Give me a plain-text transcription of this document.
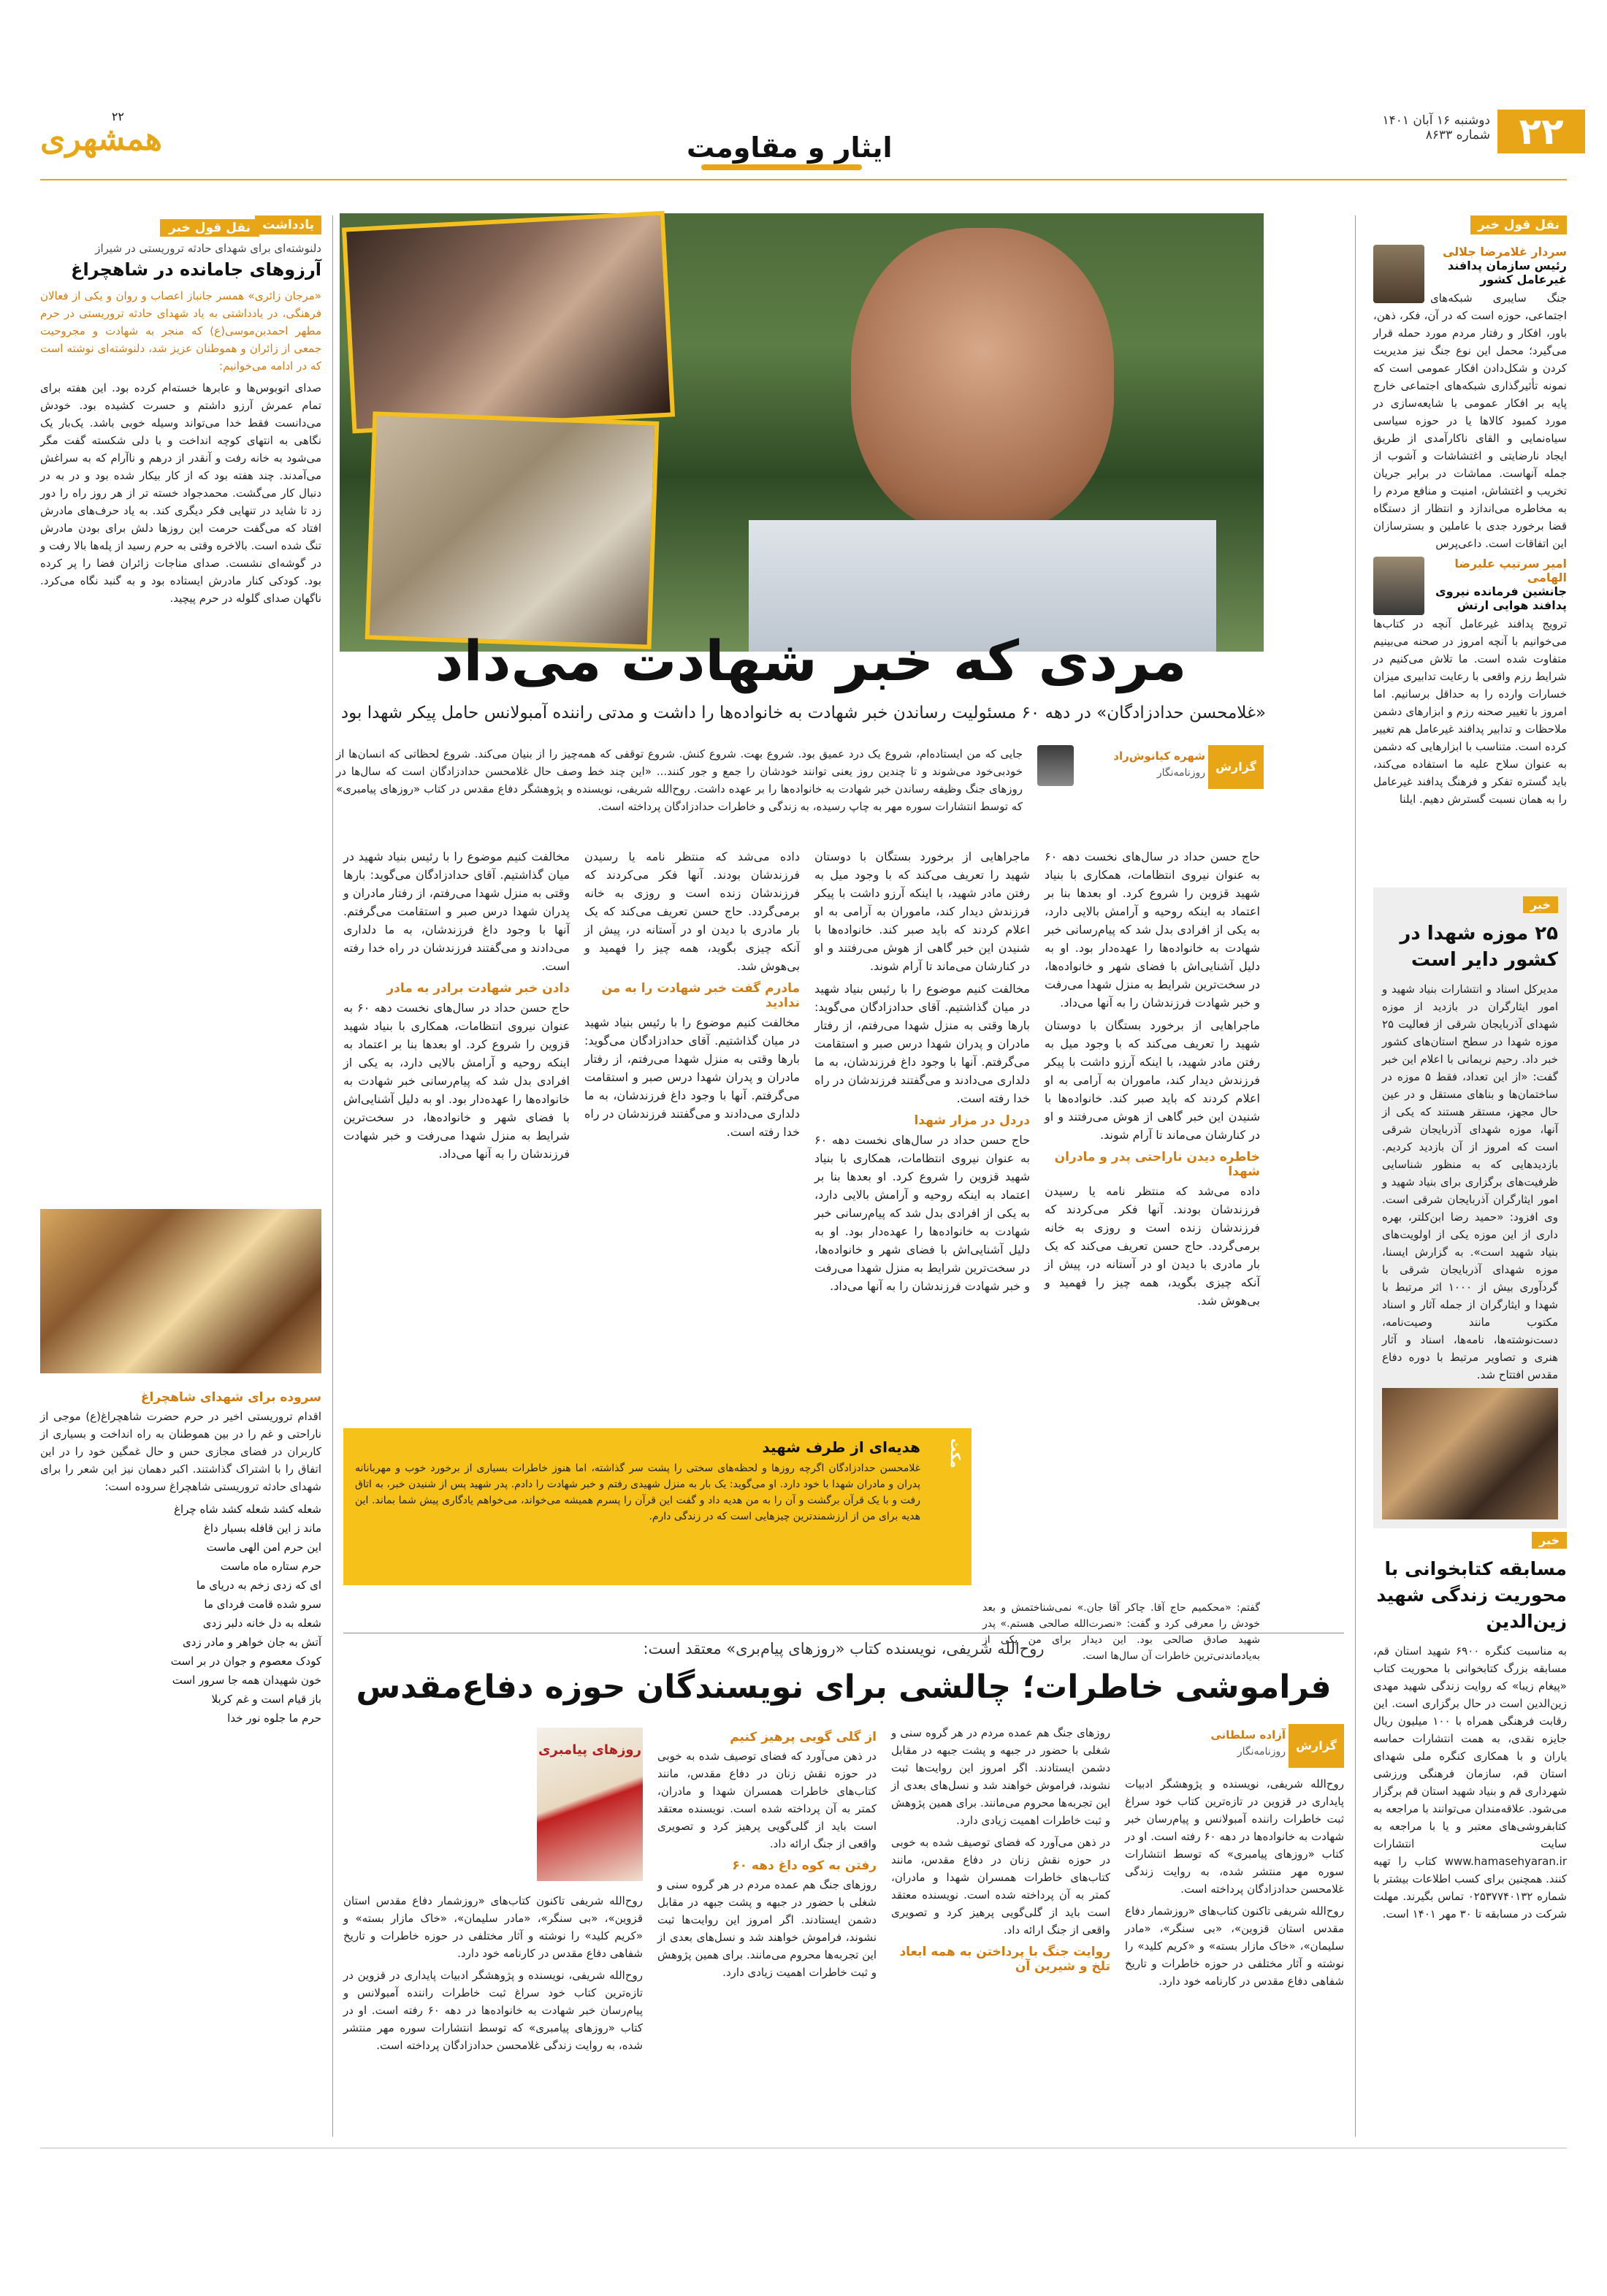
۲۲	۲۲
دوشنبه ۱۶ آبان ۱۴۰۱
شماره ۸۶۳۳
ایثار و مقاومت
همشهری
نقل قول خبر	نقل قول خبر
سردار غلامرضا جلالی
رئیس سازمان پدافند غیرعامل کشور

جنگ سایبری شبکه‌های اجتماعی، حوزه است که در آن، فکر، ذهن، باور، افکار و رفتار مردم مورد حمله قرار می‌گیرد؛ محمل این نوع جنگ نیز مدیریت کردن و شکل‌دادن افکار عمومی است که نمونه تأثیرگذاری شبکه‌های اجتماعی خارج پایه بر افکار عمومی با شایعه‌سازی در مورد کمبود کالاها یا در حوزه سیاسی سیاه‌نمایی و القای ناکارآمدی از طریق ایجاد نارضایتی و اغتشاشات و آشوب از جمله آنهاست. مماشات در برابر جریان تخریب و اغتشاش، امنیت و منافع مردم را به مخاطره می‌اندازد و انتظار از دستگاه قضا برخورد جدی با عاملین و بسترسازان این اتفاقات است. داعی‌پرس

امیر سرتیپ علیرضا الهامی
جانشین فرمانده نیروی پدافند هوایی ارتش

ترویج پدافند غیرعامل آنچه در کتاب‌ها می‌خوانیم با آنچه امروز در صحنه می‌بینیم متفاوت شده است. ما تلاش می‌کنیم در شرایط رزم واقعی با رعایت تدابیری میزان خسارات وارده را به حداقل برسانیم. اما امروز با تغییر صحنه رزم و ابزارهای دشمن ملاحظات و تدابیر پدافند غیرعامل هم تغییر کرده است. متناسب با ابزارهایی که دشمن به عنوان سلاح علیه ما استفاده می‌کند، باید گستره تفکر و فرهنگ پدافند غیرعامل را به همان نسبت گسترش دهیم. ایلنا

خبر
۲۵ موزه شهدا در کشور دایر است

مدیرکل اسناد و انتشارات بنیاد شهید و امور ایثارگران در بازدید از موزه شهدای آذربایجان شرقی از فعالیت ۲۵ موزه شهدا در سطح استان‌های کشور خبر داد. رحیم نریمانی با اعلام این خبر گفت: «از این تعداد، فقط ۵ موزه در ساختمان‌ها و بناهای مستقل و در عین حال مجهز، مستقر هستند که یکی از آنها، موزه شهدای آذربایجان شرقی است که امروز از آن بازدید کردیم. بازدیدهایی که به منظور شناسایی ظرفیت‌های برگزاری برای بنیاد شهید و امور ایثارگران آذربایجان شرقی است. وی افزود: «حمید رضا ابن‌کلتر، بهره داری از این موزه یکی از اولویت‌های بنیاد شهید است». به گزارش ایسنا، موزه شهدای آذربایجان شرقی با گردآوری بیش از ۱۰۰۰ اثر مرتبط با شهدا و ایثارگران از جمله آثار و اسناد مکتوب مانند وصیت‌نامه، دست‌نوشته‌ها، نامه‌ها، اسناد و آثار هنری و تصاویر مرتبط با دوره دفاع مقدس افتتاح شد.

خبر
مسابقه کتابخوانی با محوریت زندگی شهید زین‌الدین

به مناسبت کنگره ۶۹۰۰ شهید استان قم، مسابقه بزرگ کتابخوانی با محوریت کتاب «پیغام زیبا» که روایت زندگی شهید مهدی زین‌الدین است در حال برگزاری است. این رقابت فرهنگی همراه با ۱۰۰ میلیون ریال جایزه نقدی، به همت انتشارات حماسه یاران و با همکاری کنگره ملی شهدای استان قم، سازمان فرهنگی ورزشی شهرداری قم و بنیاد شهید استان قم برگزار می‌شود. علاقه‌مندان می‌توانند با مراجعه به کتابفروشی‌های معتبر و یا با مراجعه به سایت انتشارات www.hamasehyaran.ir کتاب را تهیه کنند. همچنین برای کسب اطلاعات بیشتر با شماره ۰۲۵۳۷۷۴۰۱۳۲ تماس بگیرند. مهلت شرکت در مسابقه تا ۳۰ مهر ۱۴۰۱ است.

مردی که خبر شهادت می‌داد
«غلامحسن حدادزادگان» در دهه ۶۰ مسئولیت رساندن خبر شهادت به خانواده‌ها را داشت و مدتی راننده آمبولانس حامل پیکر شهدا بود
گزارش
شهره کیانوش‌راد
روزنامه‌نگار

جایی که من ایستاده‌ام، شروع یک درد عمیق بود. شروع بهت. شروع کنش. شروع توقفی که همه‌چیز را از بنیان می‌کند. شروع لحظاتی که انسان‌ها از خودبی‌خود می‌شوند و تا چندین روز یعنی توانند خودشان را جمع و جور کنند... «این چند خط وصف حال غلامحسن حدادزادگان است که سال‌ها در روزهای جنگ وظیفه رساندن خبر شهادت به خانواده‌ها را بر عهده داشت. روح‌الله شریفی، نویسنده و پژوهشگر دفاع مقدس در کتاب «روزهای پیامبری» که توسط انتشارات سوره مهر به چاپ رسیده، به زندگی و خاطرات حدادزادگان پرداخته است.

حاج حسن حداد در سال‌های نخست دهه ۶۰ به عنوان نیروی انتظامات، همکاری با بنیاد شهید قزوین را شروع کرد. او بعدها بنا بر اعتماد به اینکه روحیه و آرامش بالایی دارد، به یکی از افرادی بدل شد که پیام‌رسانی خبر شهادت به خانواده‌ها را عهده‌دار بود. او به دلیل آشنایی‌اش با فضای شهر و خانواده‌ها، در سخت‌ترین شرایط به منزل شهدا می‌رفت و خبر شهادت فرزندشان را به آنها می‌داد.

ماجراهایی از برخورد بستگان با دوستان شهید را تعریف می‌کند که با وجود میل به رفتن مادر شهید، با اینکه آرزو داشت با پیکر فرزندش دیدار کند، ماموران به آرامی به او اعلام کردند که باید صبر کند. خانواده‌ها با شنیدن این خبر گاهی از هوش می‌رفتند و او در کنارشان می‌ماند تا آرام شوند.

خاطره دیدن ناراحتی پدر و مادران شهدا

داده می‌شد که منتظر نامه یا رسیدن فرزندشان بودند. آنها فکر می‌کردند که فرزندشان زنده است و روزی به خانه برمی‌گردد. حاج حسن تعریف می‌کند که یک بار مادری با دیدن او در آستانه در، پیش از آنکه چیزی بگوید، همه چیز را فهمید و بی‌هوش شد.

ماجراهایی از برخورد بستگان با دوستان شهید را تعریف می‌کند که با وجود میل به رفتن مادر شهید، با اینکه آرزو داشت با پیکر فرزندش دیدار کند، ماموران به آرامی به او اعلام کردند که باید صبر کند. خانواده‌ها با شنیدن این خبر گاهی از هوش می‌رفتند و او در کنارشان می‌ماند تا آرام شوند.

مخالفت کنیم موضوع را با رئیس بنیاد شهید در میان گذاشتیم. آقای حدادزادگان می‌گوید: بارها وقتی به منزل شهدا می‌رفتم، از رفتار مادران و پدران شهدا درس صبر و استقامت می‌گرفتم. آنها با وجود داغ فرزندشان، به ما دلداری می‌دادند و می‌گفتند فرزندشان در راه خدا رفته است.

دردل در مزار شهدا

حاج حسن حداد در سال‌های نخست دهه ۶۰ به عنوان نیروی انتظامات، همکاری با بنیاد شهید قزوین را شروع کرد. او بعدها بنا بر اعتماد به اینکه روحیه و آرامش بالایی دارد، به یکی از افرادی بدل شد که پیام‌رسانی خبر شهادت به خانواده‌ها را عهده‌دار بود. او به دلیل آشنایی‌اش با فضای شهر و خانواده‌ها، در سخت‌ترین شرایط به منزل شهدا می‌رفت و خبر شهادت فرزندشان را به آنها می‌داد.

داده می‌شد که منتظر نامه یا رسیدن فرزندشان بودند. آنها فکر می‌کردند که فرزندشان زنده است و روزی به خانه برمی‌گردد. حاج حسن تعریف می‌کند که یک بار مادری با دیدن او در آستانه در، پیش از آنکه چیزی بگوید، همه چیز را فهمید و بی‌هوش شد.

مادرم گفت خبر شهادت را به من ندادید

مخالفت کنیم موضوع را با رئیس بنیاد شهید در میان گذاشتیم. آقای حدادزادگان می‌گوید: بارها وقتی به منزل شهدا می‌رفتم، از رفتار مادران و پدران شهدا درس صبر و استقامت می‌گرفتم. آنها با وجود داغ فرزندشان، به ما دلداری می‌دادند و می‌گفتند فرزندشان در راه خدا رفته است.

مخالفت کنیم موضوع را با رئیس بنیاد شهید در میان گذاشتیم. آقای حدادزادگان می‌گوید: بارها وقتی به منزل شهدا می‌رفتم، از رفتار مادران و پدران شهدا درس صبر و استقامت می‌گرفتم. آنها با وجود داغ فرزندشان، به ما دلداری می‌دادند و می‌گفتند فرزندشان در راه خدا رفته است.

دادن خبر شهادت برادر به مادر

حاج حسن حداد در سال‌های نخست دهه ۶۰ به عنوان نیروی انتظامات، همکاری با بنیاد شهید قزوین را شروع کرد. او بعدها بنا بر اعتماد به اینکه روحیه و آرامش بالایی دارد، به یکی از افرادی بدل شد که پیام‌رسانی خبر شهادت به خانواده‌ها را عهده‌دار بود. او به دلیل آشنایی‌اش با فضای شهر و خانواده‌ها، در سخت‌ترین شرایط به منزل شهدا می‌رفت و خبر شهادت فرزندشان را به آنها می‌داد.

مکث
هدیه‌ای از طرف شهید

غلامحسن حدادزادگان اگرچه روزها و لحظه‌های سختی را پشت سر گذاشته، اما هنوز خاطرات بسیاری از برخورد خوب و مهربانانه پدران و مادران شهدا با خود دارد. او می‌گوید: یک بار به منزل شهیدی رفتم و خبر شهادت را دادم. پدر شهید پس از شنیدن خبر، به اتاق رفت و با یک قرآن برگشت و آن را به من هدیه داد و گفت این قرآن را پسرم همیشه می‌خواند، می‌خواهم یادگاری پیش شما بماند. این هدیه برای من از ارزشمندترین چیزهایی است که در زندگی دارم.

گفتم: «محکمیم حاج آقا. چاکر آقا جان.» نمی‌شناختمش و بعد خودش را معرفی کرد و گفت: «نصرت‌الله صالحی هستم.» پدر شهید صادق صالحی بود. این دیدار برای من یکی از به‌یادماندنی‌ترین خاطرات آن سال‌ها است.

یادداشت
دلنوشته‌ای برای شهدای حادثه تروریستی در شیراز
آرزوهای جامانده در شاهچراغ

«مرجان زائری» همسر جانباز اعصاب و روان و یکی از فعالان فرهنگی، در یادداشتی به یاد شهدای حادثه تروریستی در حرم مطهر احمدبن‌موسی(ع) که منجر به شهادت و مجروحیت جمعی از زائران و هموطنان عزیز شد، دلنوشته‌ای نوشته است که در ادامه می‌خوانیم:

صدای اتوبوس‌ها و عابرها خسته‌ام کرده بود. این هفته برای تمام عمرش آرزو داشتم و حسرت کشیده بود. خودش می‌دانست فقط خدا می‌تواند وسیله خوبی باشد. یک‌بار یک نگاهی به انتهای کوچه انداخت و با دلی شکسته گفت مگر می‌شود به خانه رفت و آنقدر از درهم و ناآرام که به سراغش می‌آمدند. چند هفته بود که از کار بیکار شده بود و در به در دنبال کار می‌گشت. محمدجواد خسته تر از هر روز راه را دور زد تا شاید در تنهایی فکر دیگری کند. به یاد حرف‌های مادرش افتاد که می‌گفت حرمت این روزها دلش برای بودن مادرش تنگ شده است. بالاخره وقتی به حرم رسید از پله‌ها بالا رفت و در گوشه‌ای نشست. صدای مناجات زائران فضا را پر کرده بود. کودکی کنار مادرش ایستاده بود و به گنبد نگاه می‌کرد. ناگهان صدای گلوله در حرم پیچید.

سروده برای شهدای شاهچراغ

اقدام تروریستی اخیر در حرم حضرت شاهچراغ(ع) موجی از ناراحتی و غم را در بین هموطنان به راه انداخت و بسیاری از کاربران در فضای مجازی حس و حال غمگین خود را در این اتفاق را با اشتراک گذاشتند. اکبر دهمان نیز این شعر را برای شهدای حادثه تروریستی شاهچراغ سروده است:

شعله کشد شعله کشد شاه چراغ
ماند ز این قافله بسیار داغ
این حرم امن الهی ماست
حرم ستاره ماه ماست
ای که زدی زخم به دریای ما
سرو شده قامت فردای ما
شعله به دل خانه دلبر زدی
آتش به جان خواهر و مادر زدی
کودک معصوم و جوان در بر است
خون شهیدان همه جا سرور است
باز قیام است و غم کربلا
حرم ما جلوه نور خدا
روح‌الله شریفی، نویسنده کتاب «روزهای پیام‌بری» معتقد است:
فراموشی خاطرات؛ چالشی برای نویسندگان حوزه دفاع‌مقدس
گزارش
آزاده سلطانی
روزنامه‌نگار

روح‌الله شریفی، نویسنده و پژوهشگر ادبیات پایداری در قزوین در تازه‌ترین کتاب خود سراغ ثبت خاطرات راننده آمبولانس و پیام‌رسان خبر شهادت به خانواده‌ها در دهه ۶۰ رفته است. او در کتاب «روزهای پیامبری» که توسط انتشارات سوره مهر منتشر شده، به روایت زندگی غلامحسن حدادزادگان پرداخته است.

روح‌الله شریفی تاکنون کتاب‌های «روزشمار دفاع مقدس استان قزوین»، «بی سنگر»، «مادر سلیمان»، «خاک مازار بسته» و «کریم کلید» را نوشته و آثار مختلفی در حوزه خاطرات و تاریخ شفاهی دفاع مقدس در کارنامه خود دارد.

روزهای جنگ هم عمده مردم در هر گروه سنی و شغلی با حضور در جبهه و پشت جبهه در مقابل دشمن ایستادند. اگر امروز این روایت‌ها ثبت نشوند، فراموش خواهند شد و نسل‌های بعدی از این تجربه‌ها محروم می‌مانند. برای همین پژوهش و ثبت خاطرات اهمیت زیادی دارد.

در ذهن می‌آورد که فضای توصیف شده به خوبی در حوزه نقش زنان در دفاع مقدس، مانند کتاب‌های خاطرات همسران شهدا و مادران، کمتر به آن پرداخته شده است. نویسنده معتقد است باید از گلی‌گویی پرهیز کرد و تصویری واقعی از جنگ ارائه داد.

روایت جنگ با پرداختن به همه ابعاد تلخ و شیرین آن
از گلی گویی پرهیز کنیم

در ذهن می‌آورد که فضای توصیف شده به خوبی در حوزه نقش زنان در دفاع مقدس، مانند کتاب‌های خاطرات همسران شهدا و مادران، کمتر به آن پرداخته شده است. نویسنده معتقد است باید از گلی‌گویی پرهیز کرد و تصویری واقعی از جنگ ارائه داد.

رفتن به کوه داغ دهه ۶۰

روزهای جنگ هم عمده مردم در هر گروه سنی و شغلی با حضور در جبهه و پشت جبهه در مقابل دشمن ایستادند. اگر امروز این روایت‌ها ثبت نشوند، فراموش خواهند شد و نسل‌های بعدی از این تجربه‌ها محروم می‌مانند. برای همین پژوهش و ثبت خاطرات اهمیت زیادی دارد.

روزهای پیامبری

روح‌الله شریفی تاکنون کتاب‌های «روزشمار دفاع مقدس استان قزوین»، «بی سنگر»، «مادر سلیمان»، «خاک مازار بسته» و «کریم کلید» را نوشته و آثار مختلفی در حوزه خاطرات و تاریخ شفاهی دفاع مقدس در کارنامه خود دارد.

روح‌الله شریفی، نویسنده و پژوهشگر ادبیات پایداری در قزوین در تازه‌ترین کتاب خود سراغ ثبت خاطرات راننده آمبولانس و پیام‌رسان خبر شهادت به خانواده‌ها در دهه ۶۰ رفته است. او در کتاب «روزهای پیامبری» که توسط انتشارات سوره مهر منتشر شده، به روایت زندگی غلامحسن حدادزادگان پرداخته است.
